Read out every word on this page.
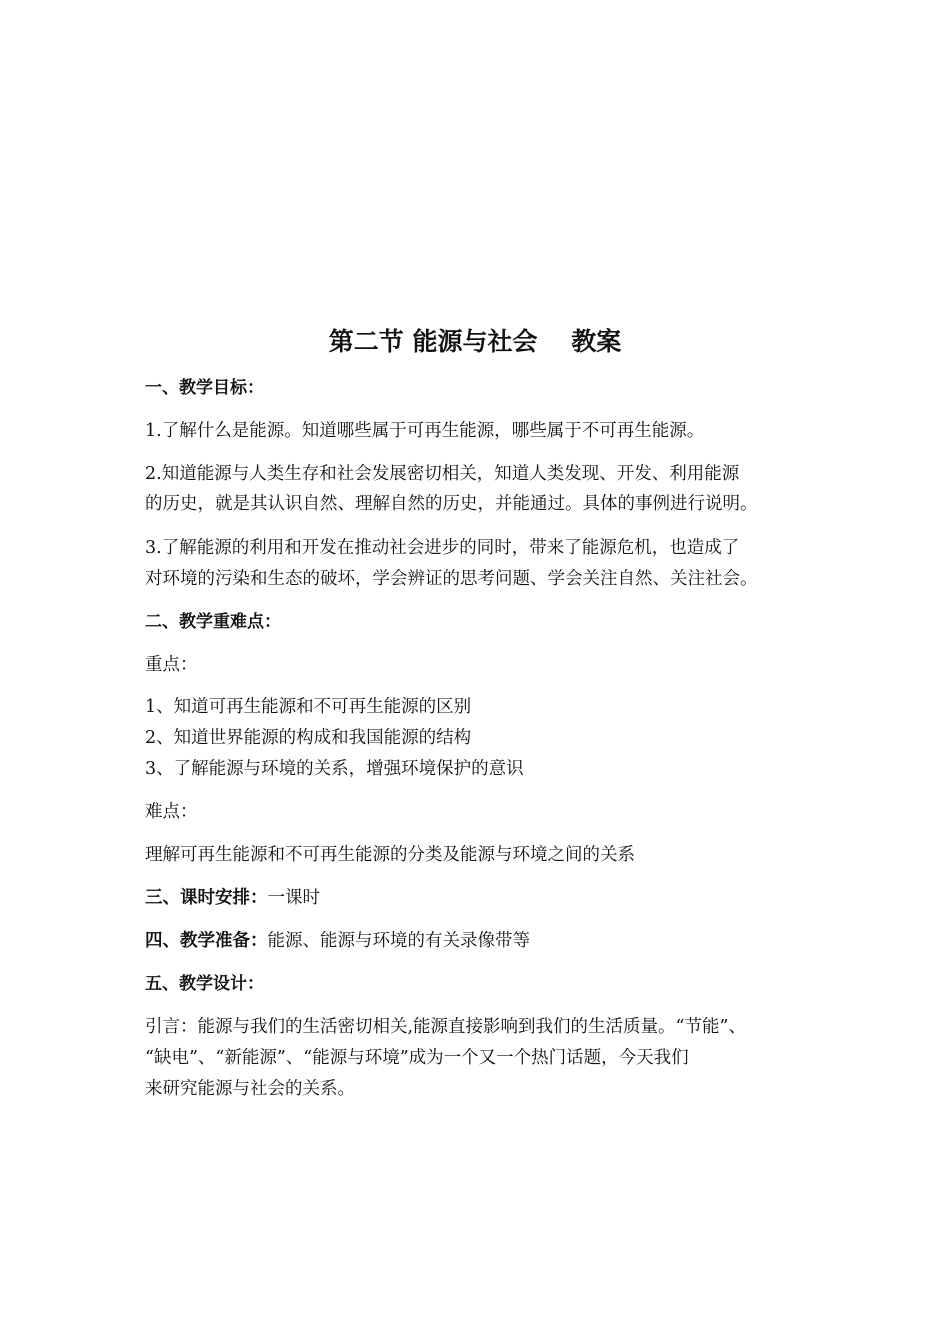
第二节 能源与社会　 教案
一、教学目标：
1.了解什么是能源。知道哪些属于可再生能源，哪些属于不可再生能源。
2.知道能源与人类生存和社会发展密切相关，知道人类发现、开发、利用能源
的历史，就是其认识自然、理解自然的历史，并能通过。具体的事例进行说明。
3.了解能源的利用和开发在推动社会进步的同时，带来了能源危机，也造成了
对环境的污染和生态的破坏，学会辨证的思考问题、学会关注自然、关注社会。
二、教学重难点：
重点：
1、知道可再生能源和不可再生能源的区别
2、知道世界能源的构成和我国能源的结构
3、了解能源与环境的关系，增强环境保护的意识
难点：
理解可再生能源和不可再生能源的分类及能源与环境之间的关系
三、课时安排：一课时
四、教学准备：能源、能源与环境的有关录像带等
五、教学设计：
引言：能源与我们的生活密切相关,能源直接影响到我们的生活质量。“节能”、
“缺电”、“新能源”、“能源与环境”成为一个又一个热门话题，今天我们
来研究能源与社会的关系。
